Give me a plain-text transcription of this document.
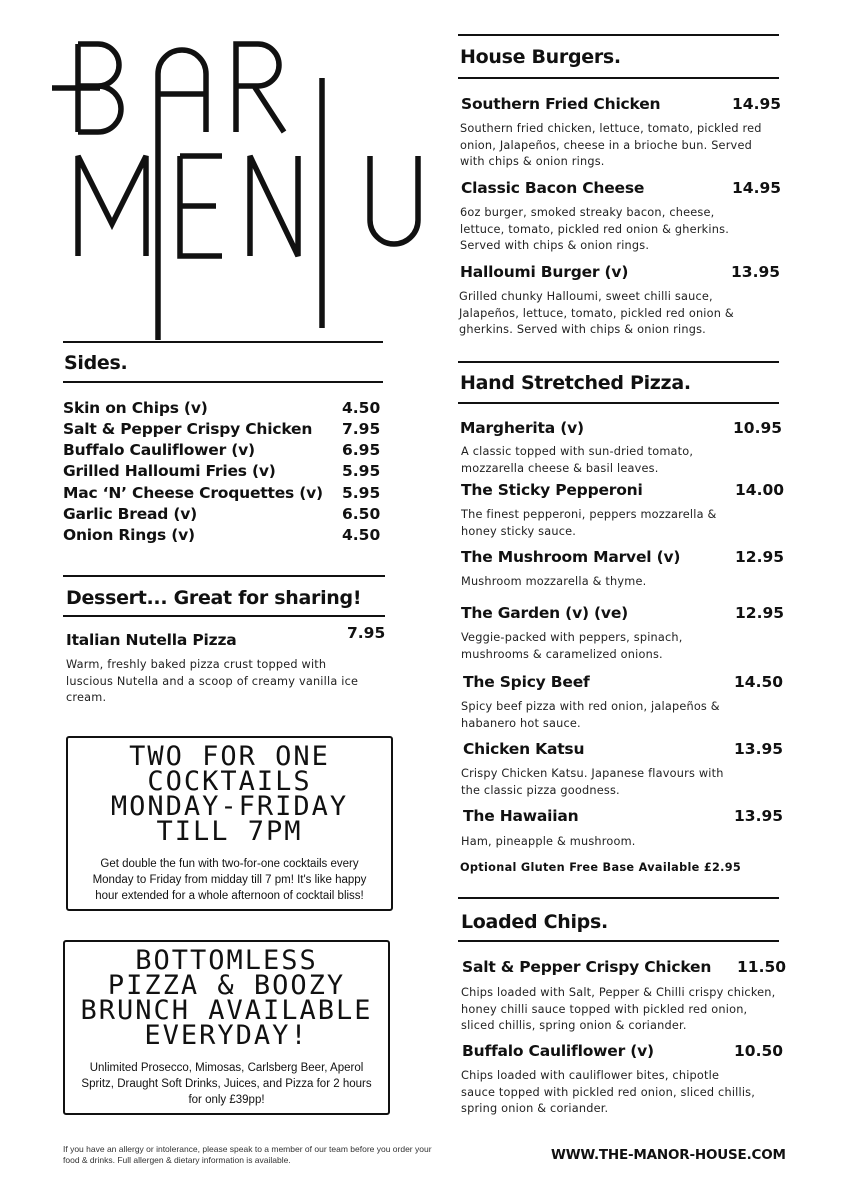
Sides.
Skin on Chips (v)	4.50
Salt & Pepper Crispy Chicken 7.95
Buffalo Cauliflower (v)	6.95
Grilled Halloumi Fries (v)	5.95
Mac ‘N’ Cheese Croquettes (v) 5.95
Garlic Bread (v)	6.50
Onion Rings (v)	4.50
Dessert... Great for sharing!
Italian Nutella Pizza	7.95
Warm, freshly baked pizza crust topped with luscious Nutella and a scoop of creamy vanilla ice cream.
TWO FOR ONE
COCKTAILS
MONDAY-FRIDAY
TILL 7PM
Get double the fun with two-for-one cocktails every
Monday to Friday from midday till 7 pm! It's like happy
hour extended for a whole afternoon of cocktail bliss!
BOTTOMLESS
PIZZA & BOOZY
BRUNCH AVAILABLE
EVERYDAY!
Unlimited Prosecco, Mimosas, Carlsberg Beer, Aperol
Spritz, Draught Soft Drinks, Juices, and Pizza for 2 hours
for only £39pp!
House Burgers.
Southern Fried Chicken	14.95
Southern fried chicken, lettuce, tomato, pickled red onion, Jalapeños, cheese in a brioche bun. Served with chips & onion rings.
Classic Bacon Cheese	14.95
6oz burger, smoked streaky bacon, cheese, lettuce, tomato, pickled red onion & gherkins. Served with chips & onion rings.
Halloumi Burger (v)	13.95
Grilled chunky Halloumi, sweet chilli sauce, Jalapeños, lettuce, tomato, pickled red onion & gherkins. Served with chips & onion rings.
Hand Stretched Pizza.
Margherita (v)	10.95
A classic topped with sun-dried tomato, mozzarella cheese & basil leaves.
The Sticky Pepperoni	14.00
The finest pepperoni, peppers mozzarella & honey sticky sauce.
The Mushroom Marvel (v)	12.95
Mushroom mozzarella & thyme.
The Garden (v) (ve)	12.95
Veggie-packed with peppers, spinach, mushrooms & caramelized onions.
The Spicy Beef	14.50
Spicy beef pizza with red onion, jalapeños & habanero hot sauce.
Chicken Katsu	13.95
Crispy Chicken Katsu. Japanese flavours with the classic pizza goodness.
The Hawaiian	13.95
Ham, pineapple & mushroom.
Optional Gluten Free Base Available £2.95
Loaded Chips.
Salt & Pepper Crispy Chicken 11.50
Chips loaded with Salt, Pepper & Chilli crispy chicken, honey chilli sauce topped with pickled red onion, sliced chillis, spring onion & coriander.
Buffalo Cauliflower (v)	10.50
Chips loaded with cauliflower bites, chipotle sauce topped with pickled red onion, sliced chillis, spring onion & coriander.
If you have an allergy or intolerance, please speak to a member of our team before you order your food & drinks. Full allergen & dietary information is available.	WWW.THE-MANOR-HOUSE.COM
